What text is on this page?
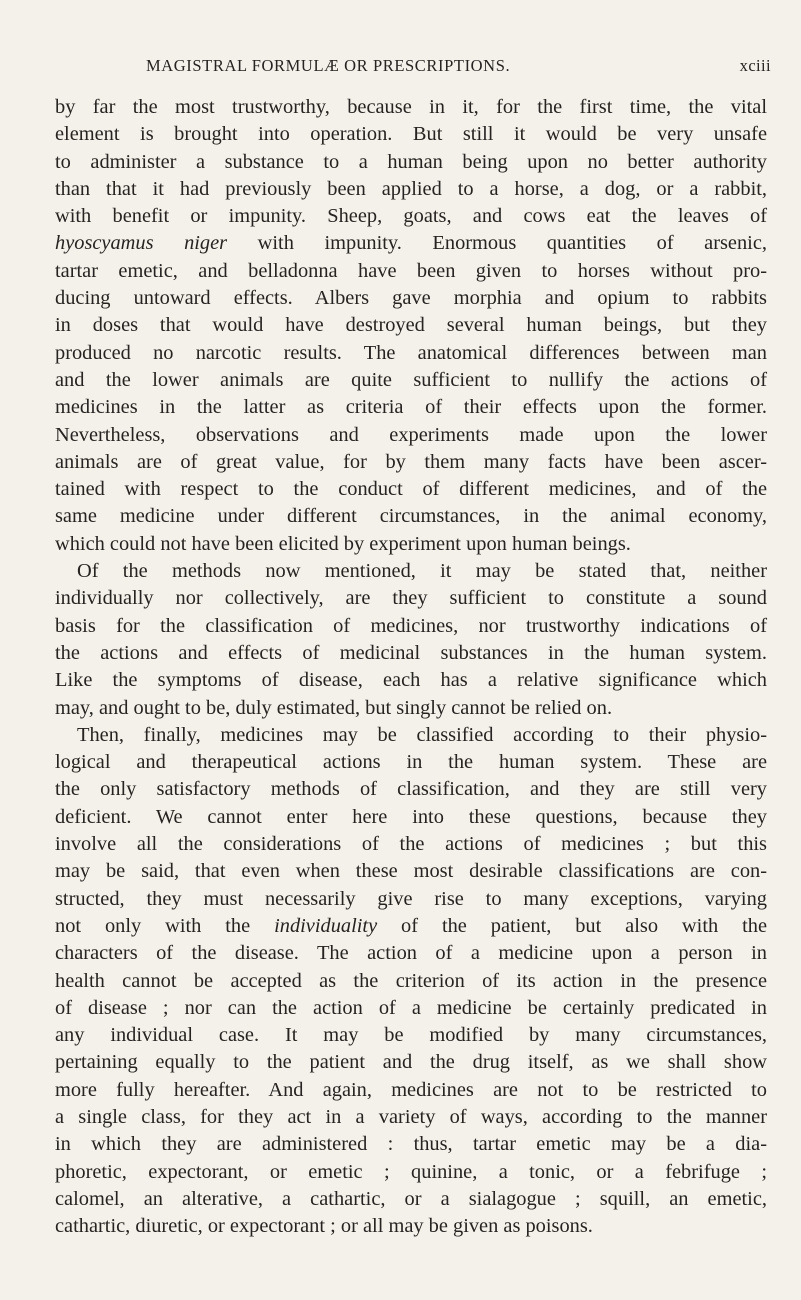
MAGISTRAL FORMULÆ OR PRESCRIPTIONS.	xciii
by far the most trustworthy, because in it, for the first time, the vital
element is brought into operation. But still it would be very unsafe
to administer a substance to a human being upon no better authority
than that it had previously been applied to a horse, a dog, or a rabbit,
with benefit or impunity. Sheep, goats, and cows eat the leaves of
hyoscyamus niger with impunity. Enormous quantities of arsenic,
tartar emetic, and belladonna have been given to horses without pro-
ducing untoward effects. Albers gave morphia and opium to rabbits
in doses that would have destroyed several human beings, but they
produced no narcotic results. The anatomical differences between man
and the lower animals are quite sufficient to nullify the actions of
medicines in the latter as criteria of their effects upon the former.
Nevertheless, observations and experiments made upon the lower
animals are of great value, for by them many facts have been ascer-
tained with respect to the conduct of different medicines, and of the
same medicine under different circumstances, in the animal economy,
which could not have been elicited by experiment upon human beings.
Of the methods now mentioned, it may be stated that, neither
individually nor collectively, are they sufficient to constitute a sound
basis for the classification of medicines, nor trustworthy indications of
the actions and effects of medicinal substances in the human system.
Like the symptoms of disease, each has a relative significance which
may, and ought to be, duly estimated, but singly cannot be relied on.
Then, finally, medicines may be classified according to their physio-
logical and therapeutical actions in the human system. These are
the only satisfactory methods of classification, and they are still very
deficient. We cannot enter here into these questions, because they
involve all the considerations of the actions of medicines ; but this
may be said, that even when these most desirable classifications are con-
structed, they must necessarily give rise to many exceptions, varying
not only with the individuality of the patient, but also with the
characters of the disease. The action of a medicine upon a person in
health cannot be accepted as the criterion of its action in the presence
of disease ; nor can the action of a medicine be certainly predicated in
any individual case. It may be modified by many circumstances,
pertaining equally to the patient and the drug itself, as we shall show
more fully hereafter. And again, medicines are not to be restricted to
a single class, for they act in a variety of ways, according to the manner
in which they are administered : thus, tartar emetic may be a dia-
phoretic, expectorant, or emetic ; quinine, a tonic, or a febrifuge ;
calomel, an alterative, a cathartic, or a sialagogue ; squill, an emetic,
cathartic, diuretic, or expectorant ; or all may be given as poisons.
